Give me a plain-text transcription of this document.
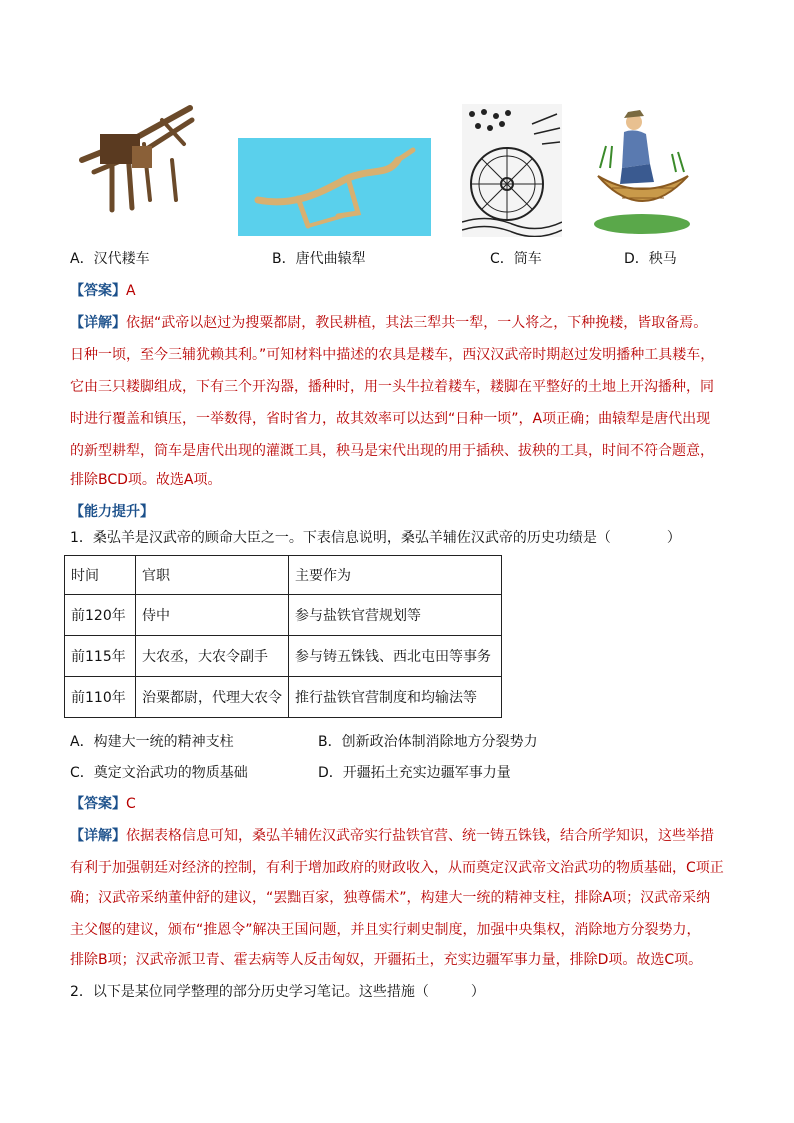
A．汉代耧车	B．唐代曲辕犁	C．筒车	D．秧马
【答案】A
【详解】依据“武帝以赵过为搜粟都尉，教民耕植，其法三犁共一犁，一人将之，下种挽耧，皆取备焉。
日种一顷，至今三辅犹赖其利。”可知材料中描述的农具是耧车，西汉汉武帝时期赵过发明播种工具耧车，
它由三只耧脚组成，下有三个开沟器，播种时，用一头牛拉着耧车，耧脚在平整好的土地上开沟播种，同
时进行覆盖和镇压，一举数得，省时省力，故其效率可以达到“日种一顷”，A项正确；曲辕犁是唐代出现
的新型耕犁，筒车是唐代出现的灌溉工具，秧马是宋代出现的用于插秧、拔秧的工具，时间不符合题意，
排除BCD项。故选A项。
【能力提升】
1．桑弘羊是汉武帝的顾命大臣之一。下表信息说明，桑弘羊辅佐汉武帝的历史功绩是（　　　　）
时间	官职	主要作为
前120年	侍中	参与盐铁官营规划等
前115年	大农丞，大农令副手	参与铸五铢钱、西北屯田等事务
前110年	治粟都尉，代理大农令	推行盐铁官营制度和均输法等
A．构建大一统的精神支柱	B．创新政治体制消除地方分裂势力
C．奠定文治武功的物质基础	D．开疆拓土充实边疆军事力量
【答案】C
【详解】依据表格信息可知，桑弘羊辅佐汉武帝实行盐铁官营、统一铸五铢钱，结合所学知识，这些举措
有利于加强朝廷对经济的控制，有利于增加政府的财政收入，从而奠定汉武帝文治武功的物质基础，C项正
确；汉武帝采纳董仲舒的建议，“罢黜百家，独尊儒术”，构建大一统的精神支柱，排除A项；汉武帝采纳
主父偃的建议，颁布“推恩令”解决王国问题，并且实行刺史制度，加强中央集权，消除地方分裂势力，
排除B项；汉武帝派卫青、霍去病等人反击匈奴，开疆拓土，充实边疆军事力量，排除D项。故选C项。
2．以下是某位同学整理的部分历史学习笔记。这些措施（　　　）
